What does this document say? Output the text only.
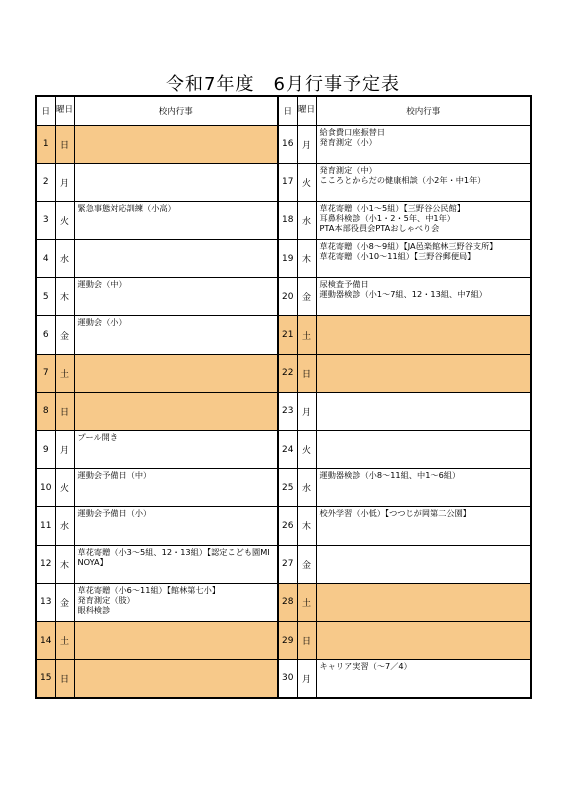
令和7年度　6月行事予定表
日	曜日	校内行事	日	曜日	校内行事
1	日		16	月	給食費口座振替日
発育測定（小）

2	月		17	火	発育測定（中）
こころとからだの健康相談（小2年・中1年）

3	火	緊急事態対応訓練（小高）	18	水	草花寄贈（小1～5組）【三野谷公民館】
耳鼻科検診（小1・2・5年、中1年）
PTA本部役員会PTAおしゃべり会

4	水		19	木	草花寄贈（小8～9組）【JA邑楽館林三野谷支所】
草花寄贈（小10～11組）【三野谷郵便局】

5	木	運動会（中）	20	金	尿検査予備日
運動器検診（小1～7組、12・13組、中7組）

6	金	運動会（小）	21	土	
7	土		22	日	
8	日		23	月	
9	月	プール開き	24	火	
10	火	運動会予備日（中）	25	水	運動器検診（小8～11組、中1～6組）

11	水	運動会予備日（小）	26	木	校外学習（小低）【つつじが岡第二公園】

12	木	草花寄贈（小3～5組、12・13組）【認定こども園MINOYA】	27	金	
13	金	草花寄贈（小6～11組）【館林第七小】
発育測定（肢）
眼科検診	28	土	
14	土		29	日	
15	日		30	月	キャリア実習（～7／4）
